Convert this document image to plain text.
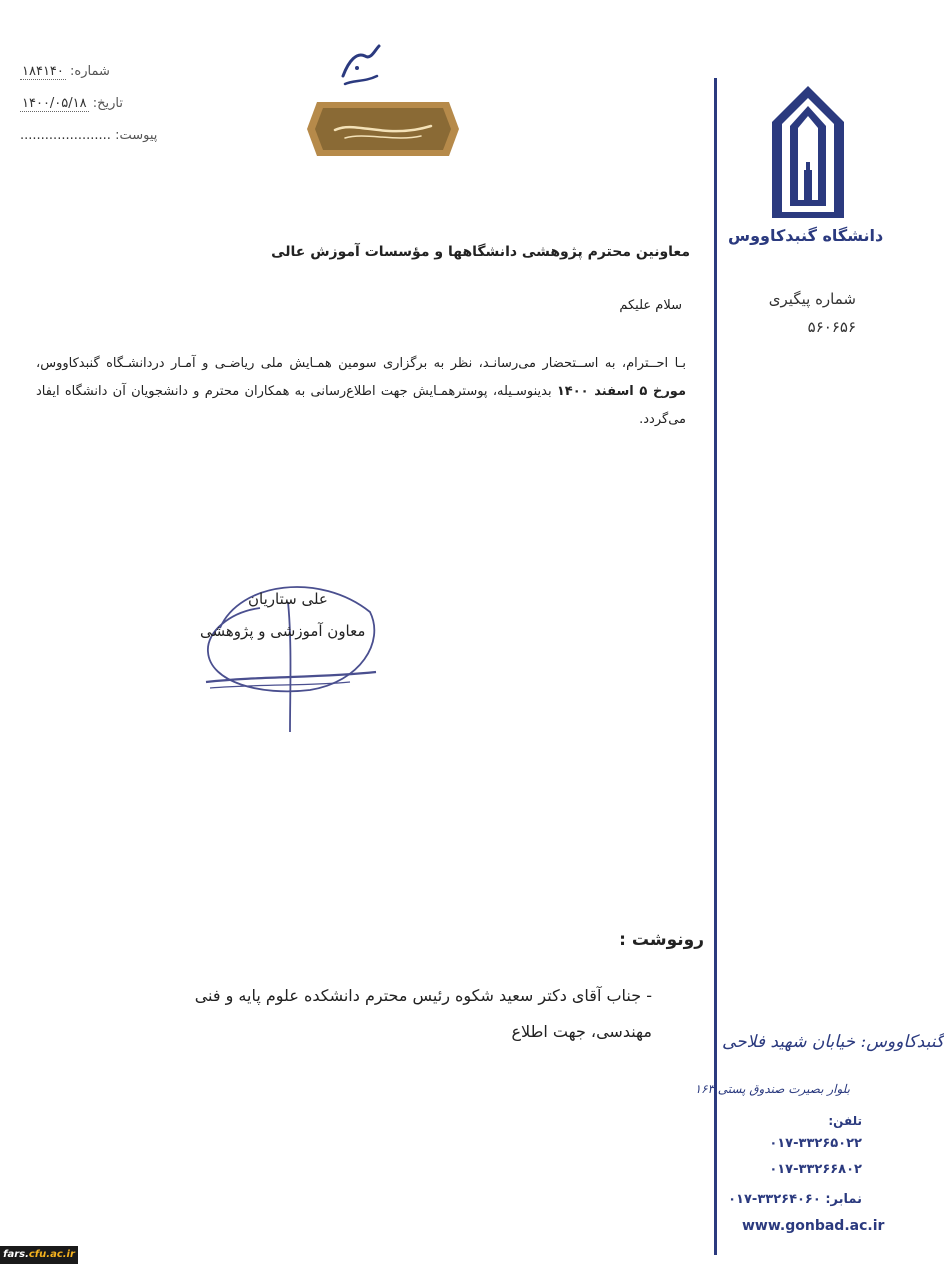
شماره: ۱۸۴۱۴۰
تاریخ: ۱۴۰۰/۰۵/۱۸
پیوست: ......................
دانشگاه گنبدکاووس
شماره پیگیری
۵۶۰۶۵۶
معاونین محترم پژوهشی دانشگاهها و مؤسسات آموزش عالی
سلام علیکم
بـا احــترام، به اســتحضار می‌رسانـد، نظر به برگزاری سومین همـایش ملی ریاضـی و آمـار دردانشـگاه گنبدکاووس، مورخ ۵ اسفند ۱۴۰۰ بدینوسـیله، پوسترهمـایش جهت اطلاع‌رسانی به همکاران محترم و دانشجویان آن دانشگاه ایفاد می‌گردد.
علی ستاریان
معاون آموزشی و پژوهشی
رونوشت :
- جناب آقای دکتر سعید شکوه رئیس محترم دانشکده علوم پایه و فنی
مهندسی، جهت اطلاع
گنبدکاووس: خیابان شهید فلاحی
بلوار بصیرت صندوق پستی ۱۶۳
تلفن:
۰۱۷-۳۳۲۶۵۰۲۲
۰۱۷-۳۳۲۶۶۸۰۲
نمابر: ۰۱۷-۳۳۲۶۴۰۶۰
www.gonbad.ac.ir
fars.cfu.ac.ir
